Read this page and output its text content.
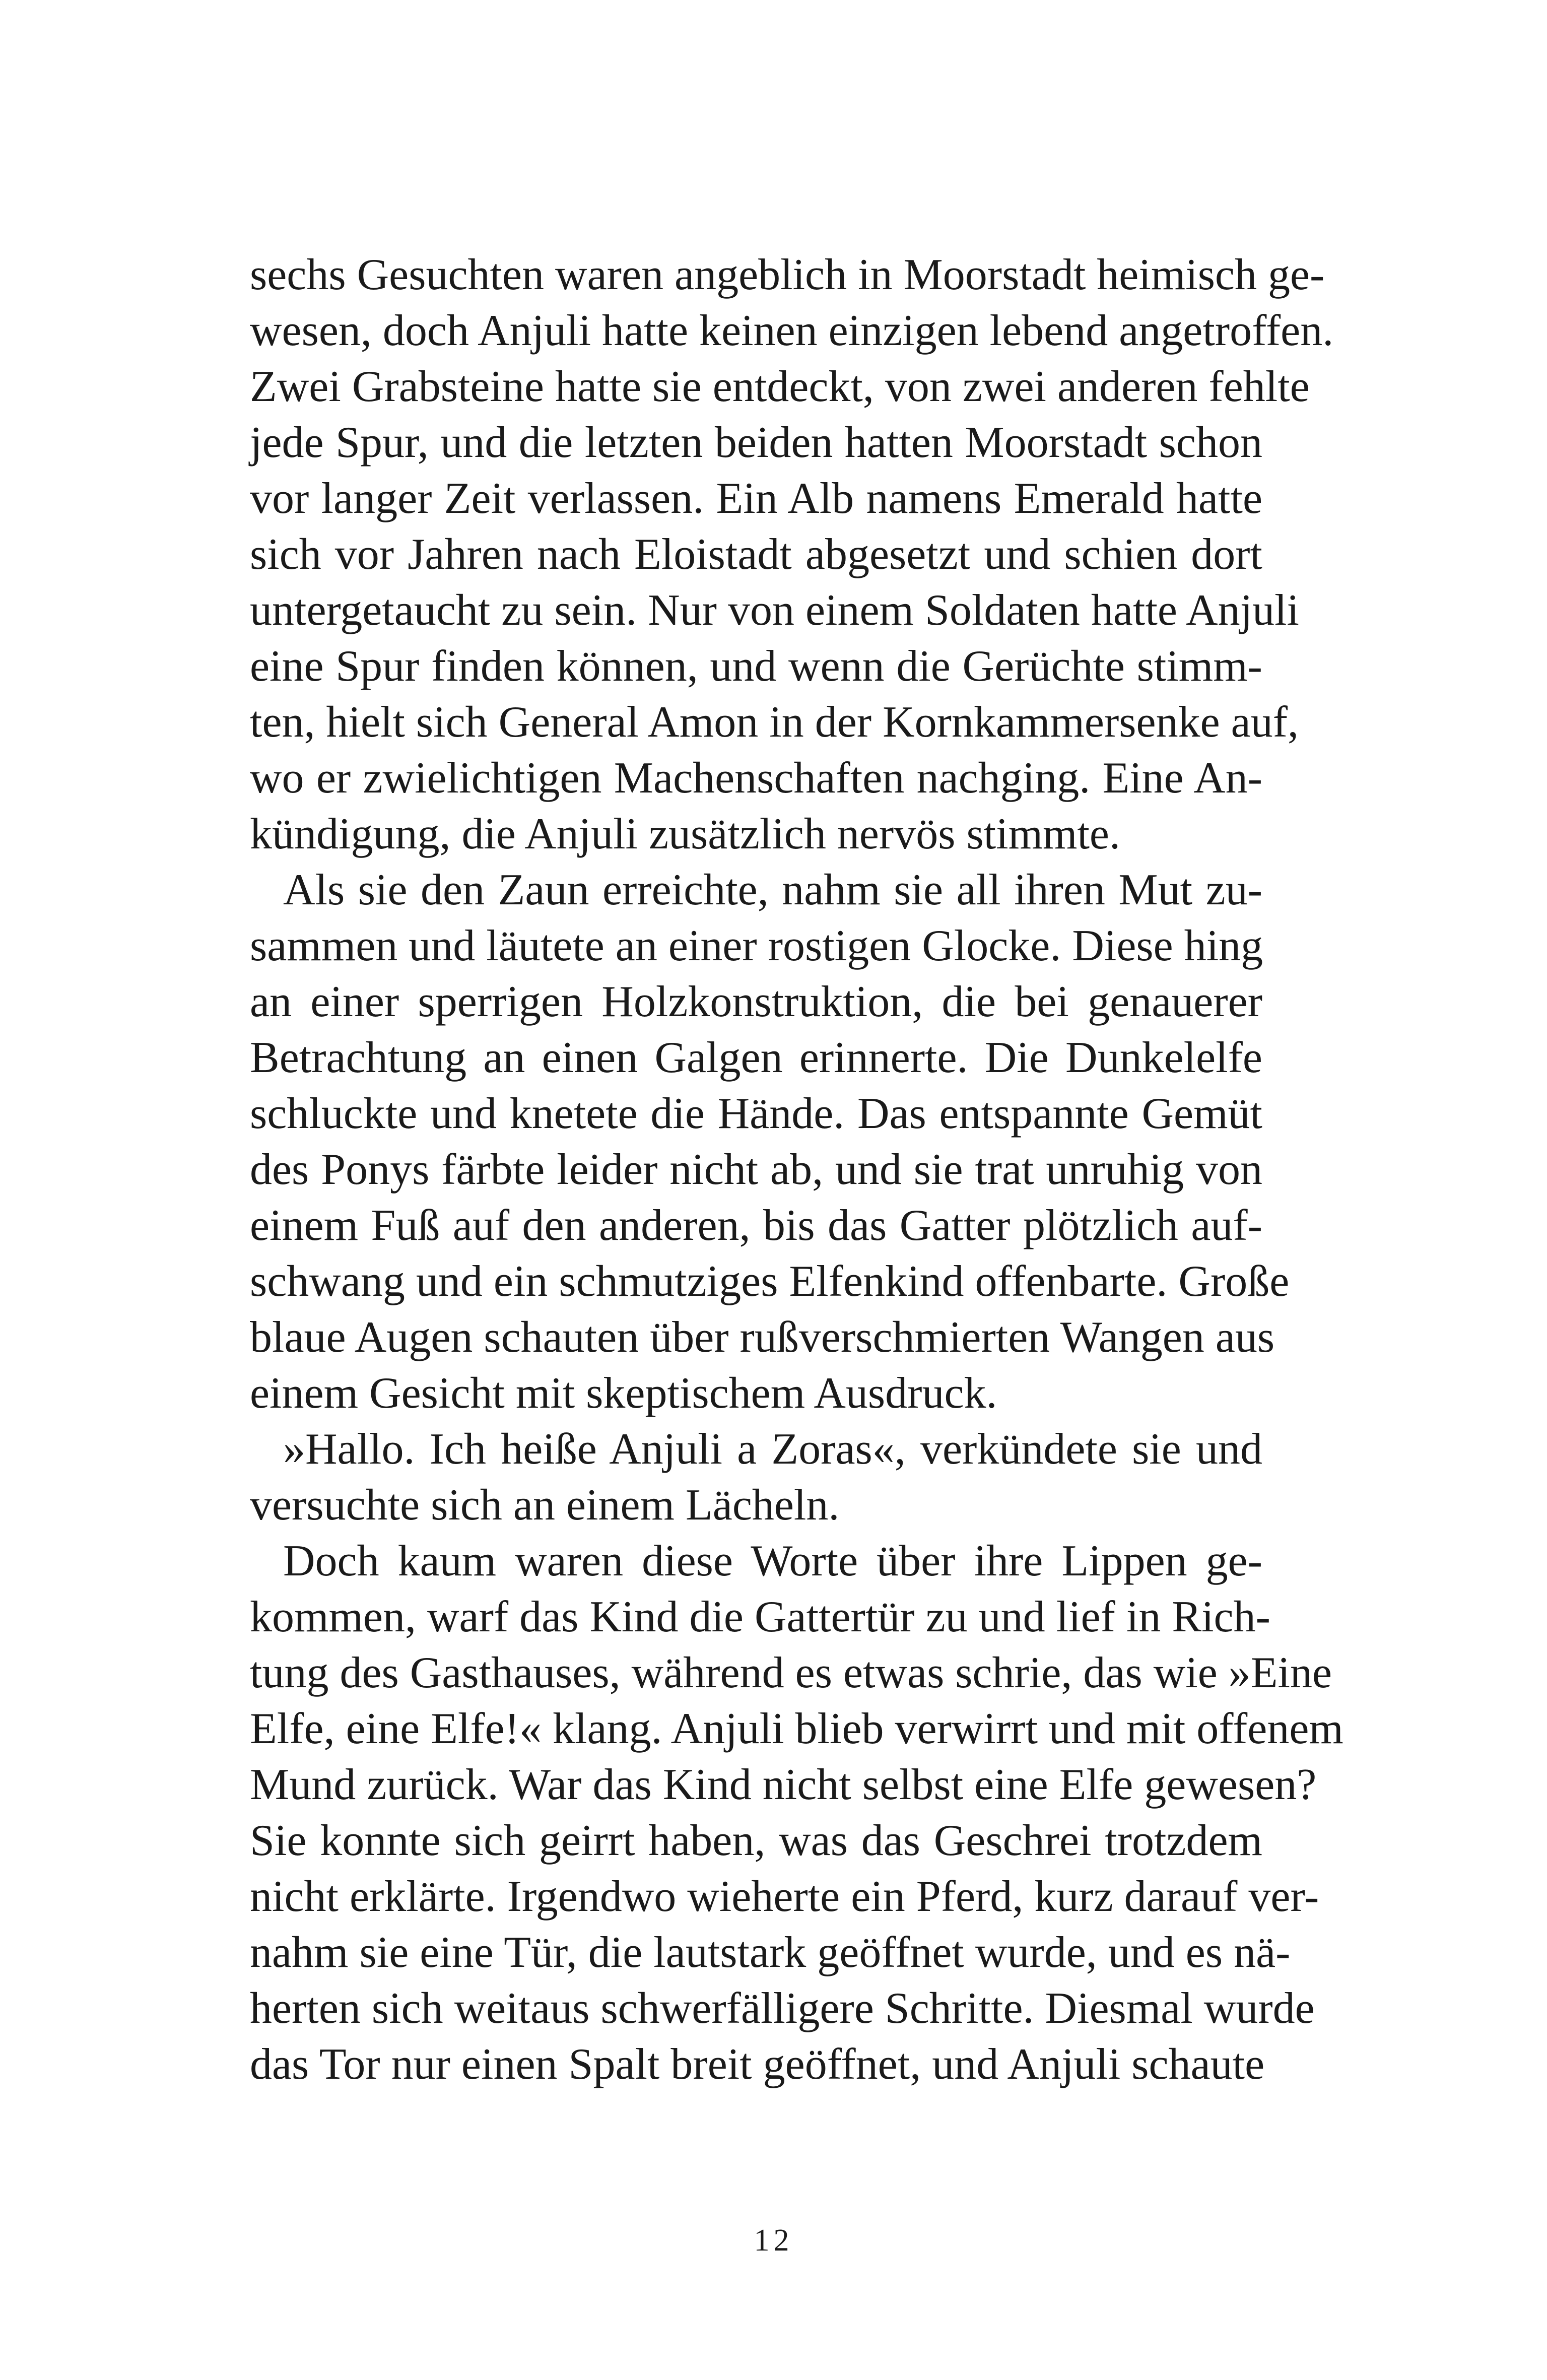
sechs Gesuchten waren angeblich in Moorstadt heimisch ge-
wesen, doch Anjuli hatte keinen einzigen lebend angetroffen.
Zwei Grabsteine hatte sie entdeckt, von zwei anderen fehlte
jede Spur, und die letzten beiden hatten Moorstadt schon
vor langer Zeit verlassen. Ein Alb namens Emerald hatte
sich vor Jahren nach Eloistadt abgesetzt und schien dort
untergetaucht zu sein. Nur von einem Soldaten hatte Anjuli
eine Spur finden können, und wenn die Gerüchte stimm-
ten, hielt sich General Amon in der Kornkammersenke auf,
wo er zwielichtigen Machenschaften nachging. Eine An-
kündigung, die Anjuli zusätzlich nervös stimmte.
Als sie den Zaun erreichte, nahm sie all ihren Mut zu-
sammen und läutete an einer rostigen Glocke. Diese hing
an einer sperrigen Holzkonstruktion, die bei genauerer
Betrachtung an einen Galgen erinnerte. Die Dunkelelfe
schluckte und knetete die Hände. Das entspannte Gemüt
des Ponys färbte leider nicht ab, und sie trat unruhig von
einem Fuß auf den anderen, bis das Gatter plötzlich auf-
schwang und ein schmutziges Elfenkind offenbarte. Große
blaue Augen schauten über rußverschmierten Wangen aus
einem Gesicht mit skeptischem Ausdruck.
»Hallo. Ich heiße Anjuli a Zoras«, verkündete sie und
versuchte sich an einem Lächeln.
Doch kaum waren diese Worte über ihre Lippen ge-
kommen, warf das Kind die Gattertür zu und lief in Rich-
tung des Gasthauses, während es etwas schrie, das wie »Eine
Elfe, eine Elfe!« klang. Anjuli blieb verwirrt und mit offenem
Mund zurück. War das Kind nicht selbst eine Elfe gewesen?
Sie konnte sich geirrt haben, was das Geschrei trotzdem
nicht erklärte. Irgendwo wieherte ein Pferd, kurz darauf ver-
nahm sie eine Tür, die lautstark geöffnet wurde, und es nä-
herten sich weitaus schwerfälligere Schritte. Diesmal wurde
das Tor nur einen Spalt breit geöffnet, und Anjuli schaute
12
